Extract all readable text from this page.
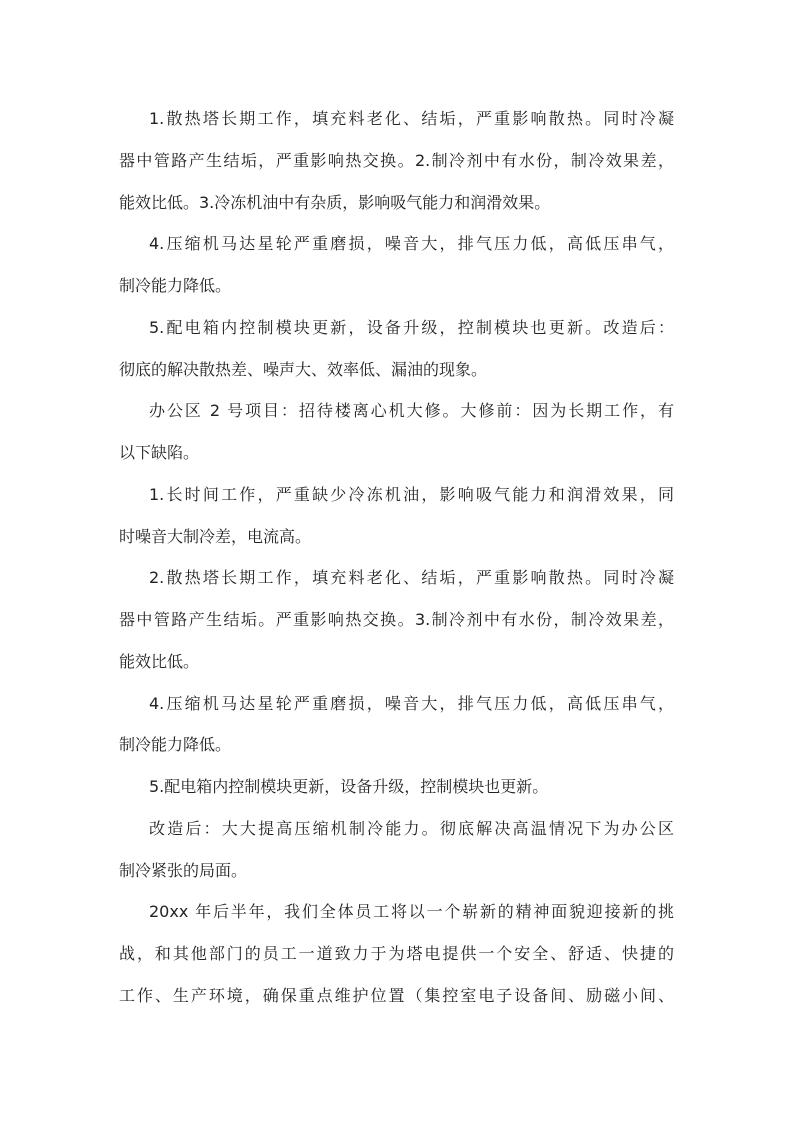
1.散热塔长期工作，填充料老化、结垢，严重影响散热。同时冷凝
器中管路产生结垢，严重影响热交换。2.制冷剂中有水份，制冷效果差，
能效比低。3.冷冻机油中有杂质，影响吸气能力和润滑效果。
4.压缩机马达星轮严重磨损，噪音大，排气压力低，高低压串气，
制冷能力降低。
5.配电箱内控制模块更新，设备升级，控制模块也更新。改造后：
彻底的解决散热差、噪声大、效率低、漏油的现象。
办公区 2 号项目：招待楼离心机大修。大修前：因为长期工作，有
以下缺陷。
1.长时间工作，严重缺少冷冻机油，影响吸气能力和润滑效果，同
时噪音大制冷差，电流高。
2.散热塔长期工作，填充料老化、结垢，严重影响散热。同时冷凝
器中管路产生结垢。严重影响热交换。3.制冷剂中有水份，制冷效果差，
能效比低。
4.压缩机马达星轮严重磨损，噪音大，排气压力低，高低压串气，
制冷能力降低。
5.配电箱内控制模块更新，设备升级，控制模块也更新。
改造后：大大提高压缩机制冷能力。彻底解决高温情况下为办公区
制冷紧张的局面。
20xx 年后半年，我们全体员工将以一个崭新的精神面貌迎接新的挑
战，和其他部门的员工一道致力于为塔电提供一个安全、舒适、快捷的
工作、生产环境，确保重点维护位置（集控室电子设备间、励磁小间、
